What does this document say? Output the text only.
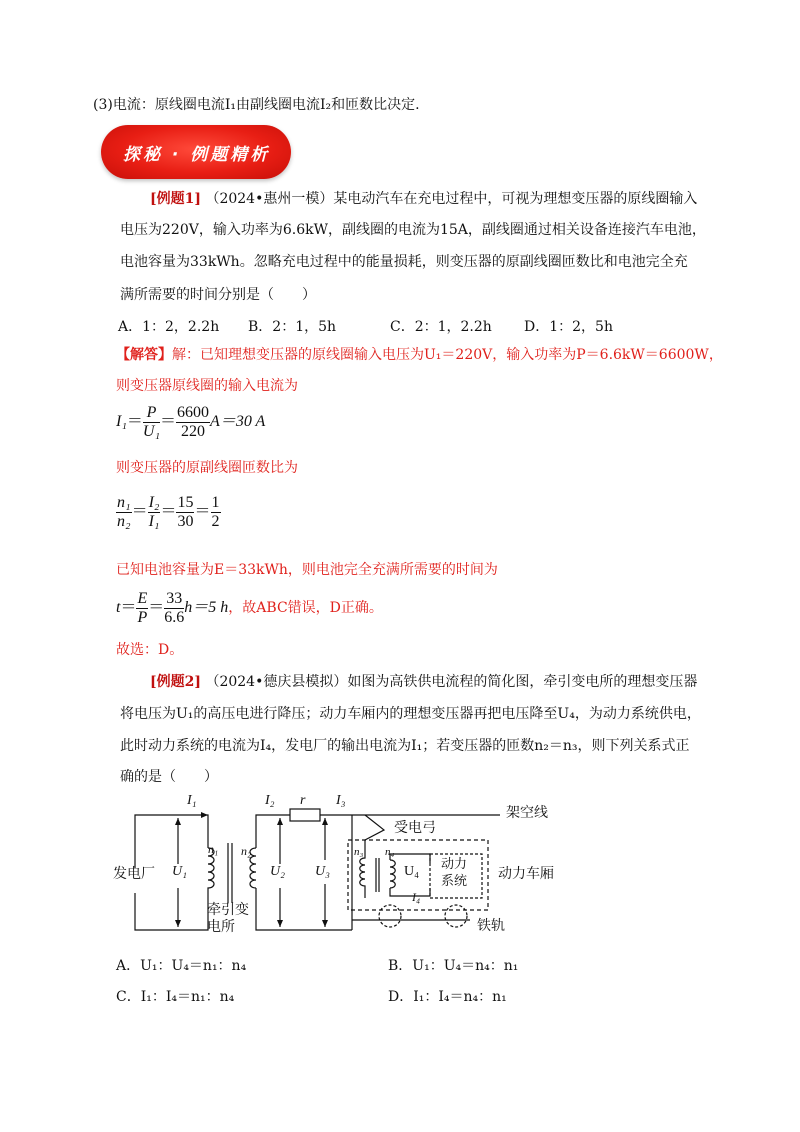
(3)电流：原线圈电流I₁由副线圈电流I₂和匝数比决定.
探秘 · 例题精析
[例题1] （2024•惠州一模）某电动汽车在充电过程中，可视为理想变压器的原线圈输入
电压为220V，输入功率为6.6kW，副线圈的电流为15A，副线圈通过相关设备连接汽车电池，
电池容量为33kWh。忽略充电过程中的能量损耗，则变压器的原副线圈匝数比和电池完全充
满所需要的时间分别是（　　）
A．1：2，2.2h B．2：1，5h	C．2：1，2.2h D．1：2，5h
【解答】解：已知理想变压器的原线圈输入电压为U₁＝220V，输入功率为P＝6.6kW＝6600W，
则变压器原线圈的输入电流为
$I_1= \frac{P}{\text{U₁}} = \frac{6600}{220} A=30$ A
则变压器的原副线圈匝数比为
$\frac{\text{n₁}}{\text{n₂}} = \frac{\text{I₂}}{\text{I₁}} = \frac{15}{30} = \frac{1}{2}$
已知电池容量为E＝33kWh，则电池完全充满所需要的时间为
$t= \frac{E}{P} = \frac{33}{6.6} h=5$ h，故ABC错误，D正确。
故选：D。
[例题2] （2024•德庆县模拟）如图为高铁供电流程的简化图，牵引变电所的理想变压器
将电压为U₁的高压电进行降压；动力车厢内的理想变压器再把电压降至U₄，为动力系统供电，
此时动力系统的电流为I₄，发电厂的输出电流为I₁；若变压器的匝数n₂＝n₃，则下列关系式正
确的是（　　）
I₁	I₂ r I₃
受电弓
架空线
发电厂 U₁
n₁ n₂
U₂ U₃
n₃ n₄
U₄
I₄
动力
系统 动力车厢
牵引变
电所	铁轨
A．U₁：U₄＝n₁：n₄	B．U₁：U₄＝n₄：n₁
C．I₁：I₄＝n₁：n₄	D．I₁：I₄＝n₄：n₁
